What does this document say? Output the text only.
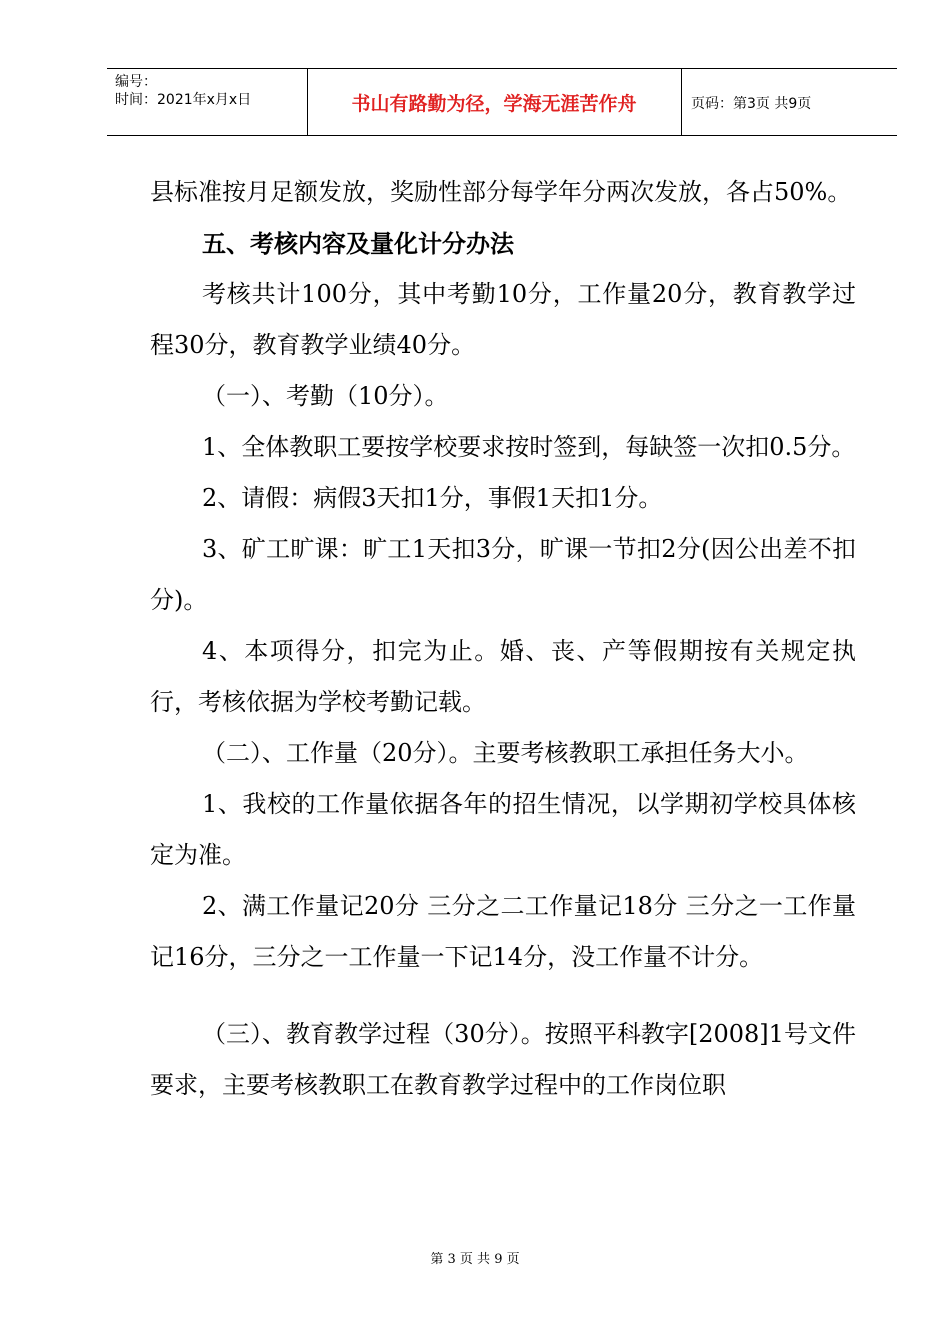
编号：
时间：2021年x月x日	书山有路勤为径，学海无涯苦作舟	页码：第3页 共9页

县标准按月足额发放，奖励性部分每学年分两次发放，各占50%。

五、考核内容及量化计分办法

考核共计100分，其中考勤10分，工作量20分，教育教学过程30分，教育教学业绩40分。

（一）、考勤（10分）。

1、全体教职工要按学校要求按时签到，每缺签一次扣0.5分。

2、请假：病假3天扣1分，事假1天扣1分。

3、矿工旷课：旷工1天扣3分，旷课一节扣2分(因公出差不扣分)。

4、本项得分，扣完为止。婚、丧、产等假期按有关规定执行，考核依据为学校考勤记载。

（二）、工作量（20分）。主要考核教职工承担任务大小。

1、我校的工作量依据各年的招生情况，以学期初学校具体核定为准。

2、满工作量记20分 三分之二工作量记18分 三分之一工作量记16分，三分之一工作量一下记14分，没工作量不计分。

（三）、教育教学过程（30分）。按照平科教字[2008]1号文件要求，主要考核教职工在教育教学过程中的工作岗位职

第 3 页 共 9 页
